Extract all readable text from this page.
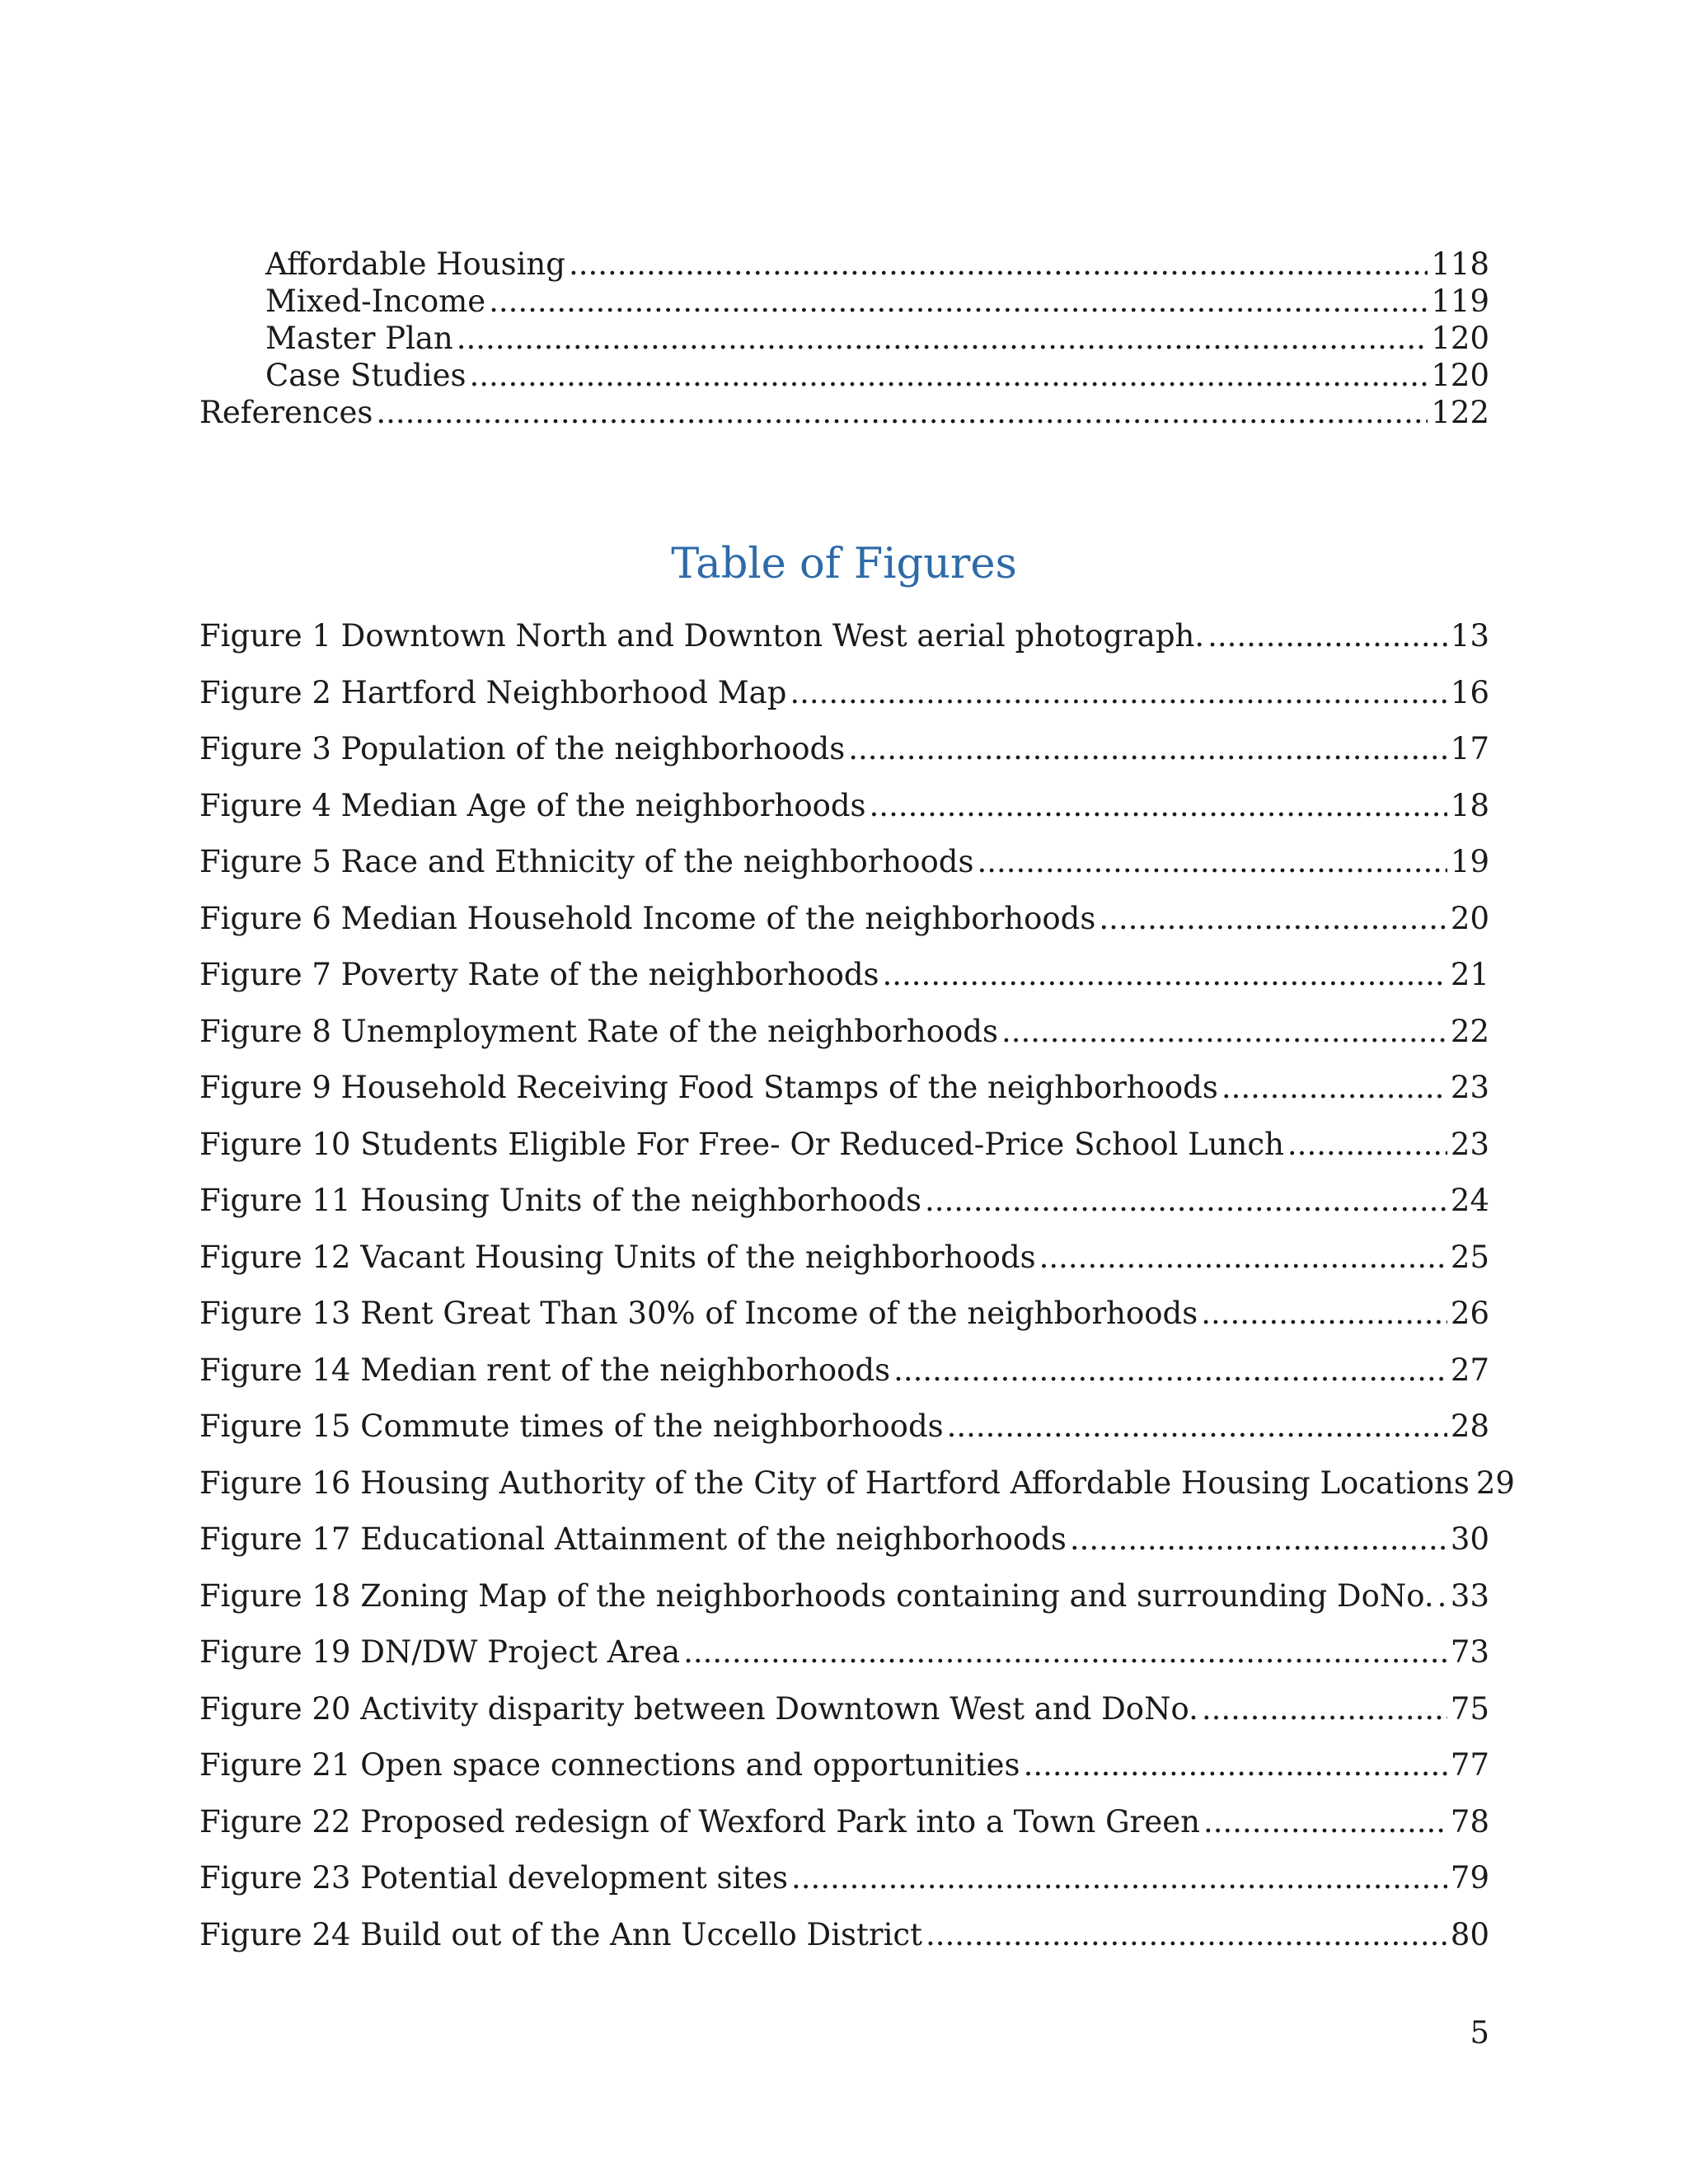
Affordable Housing .....	118
Mixed-Income .....	119
Master Plan .....	120
Case Studies .....	120
References .....	122
Table of Figures
Figure 1 Downtown North and Downton West aerial photograph. .....	13
Figure 2 Hartford Neighborhood Map .....	16
Figure 3 Population of the neighborhoods .....	17
Figure 4 Median Age of the neighborhoods .....	18
Figure 5 Race and Ethnicity of the neighborhoods .....	19
Figure 6 Median Household Income of the neighborhoods .....	20
Figure 7 Poverty Rate of the neighborhoods .....	21
Figure 8 Unemployment Rate of the neighborhoods .....	22
Figure 9 Household Receiving Food Stamps of the neighborhoods .....	23
Figure 10 Students Eligible For Free- Or Reduced-Price School Lunch .....	23
Figure 11 Housing Units of the neighborhoods .....	24
Figure 12 Vacant Housing Units of the neighborhoods .....	25
Figure 13 Rent Great Than 30% of Income of the neighborhoods .....	26
Figure 14 Median rent of the neighborhoods .....	27
Figure 15 Commute times of the neighborhoods .....	28
Figure 16 Housing Authority of the City of Hartford Affordable Housing Locations 29
Figure 17 Educational Attainment of the neighborhoods .....	30
Figure 18 Zoning Map of the neighborhoods containing and surrounding DoNo. ..... 33
Figure 19 DN/DW Project Area .....	73
Figure 20 Activity disparity between Downtown West and DoNo. .....	75
Figure 21 Open space connections and opportunities .....	77
Figure 22 Proposed redesign of Wexford Park into a Town Green .....	78
Figure 23 Potential development sites .....	79
Figure 24 Build out of the Ann Uccello District .....	80
5
